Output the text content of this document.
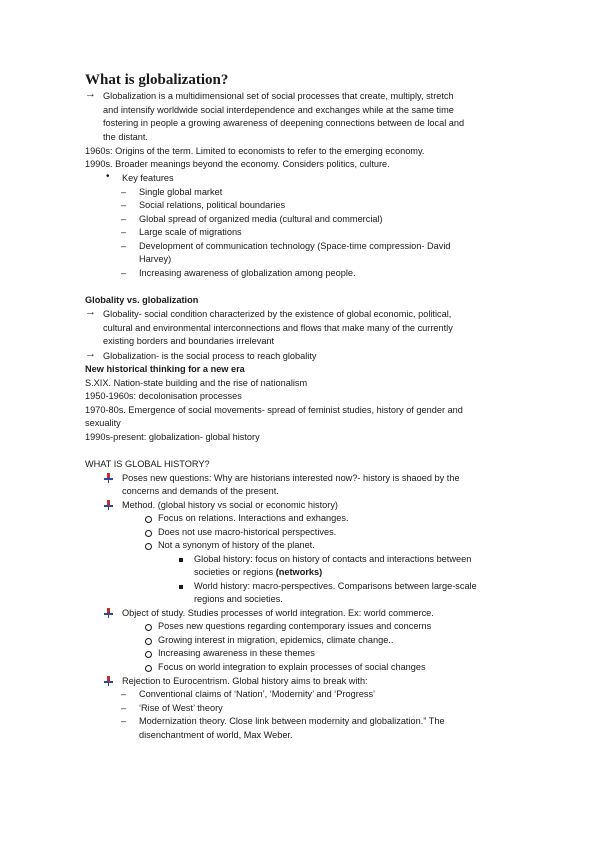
What is globalization?
→ Globalization is a multidimensional set of social processes that create, multiply, stretch
and intensify worldwide social interdependence and exchanges while at the same time
fostering in people a growing awareness of deepening connections between de local and
the distant.
1960s: Origins of the term. Limited to economists to refer to the emerging economy.
1990s. Broader meanings beyond the economy. Considers politics, culture.
• Key features
– Single global market
– Social relations, political boundaries
– Global spread of organized media (cultural and commercial)
– Large scale of migrations
– Development of communication technology (Space-time compression- David
Harvey)
– Increasing awareness of globalization among people.
Globality vs. globalization
→ Globality- social condition characterized by the existence of global economic, political,
cultural and environmental interconnections and flows that make many of the currently
existing borders and boundaries irrelevant
→ Globalization- is the social process to reach globality
New historical thinking for a new era
S.XIX. Nation-state building and the rise of nationalism
1950-1960s: decolonisation processes
1970-80s. Emergence of social movements- spread of feminist studies, history of gender and
sexuality
1990s-present: globalization- global history
WHAT IS GLOBAL HISTORY?
Poses new questions: Why are historians interested now?- history is shaoed by the
concerns and demands of the present.
Method. (global history vs social or economic history)
Focus on relations. Interactions and exhanges.
Does not use macro-historical perspectives.
Not a synonym of history of the planet.
Global history: focus on history of contacts and interactions between
societies or regions (networks)
World history: macro-perspectives. Comparisons between large-scale
regions and societies.
Object of study. Studies processes of world integration. Ex: world commerce.
Poses new questions regarding contemporary issues and concerns
Growing interest in migration, epidemics, climate change..
Increasing awareness in these themes
Focus on world integration to explain processes of social changes
Rejection to Eurocentrism. Global history aims to break with:
– Conventional claims of ‘Nation’, ‘Modernity’ and ‘Progress’
– ‘Rise of West’ theory
– Modernization theory. Close link between modernity and globalization.” The
disenchantment of world, Max Weber.
